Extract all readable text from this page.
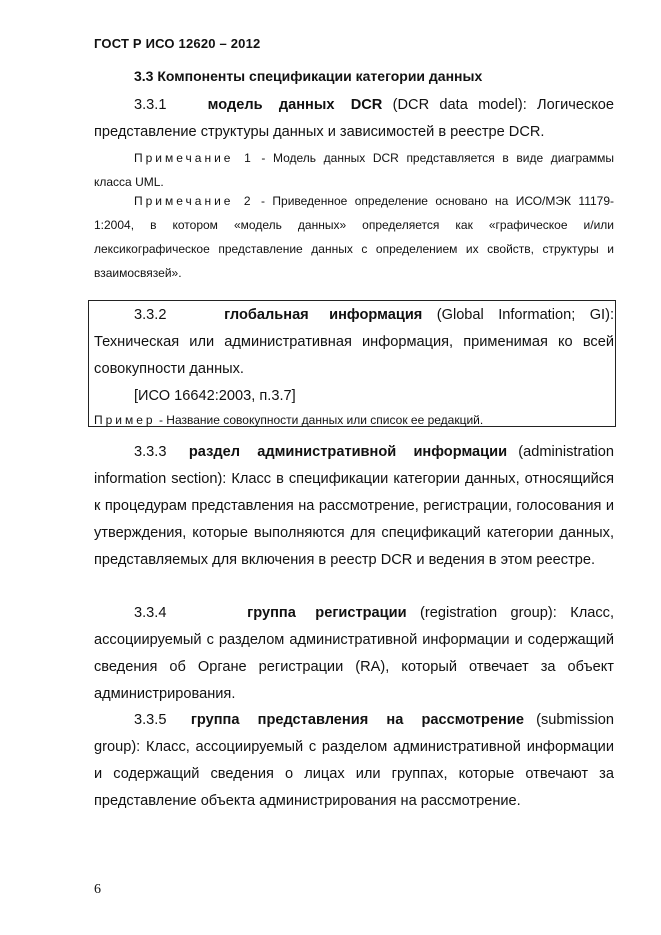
ГОСТ Р ИСО 12620 – 2012
3.3 Компоненты спецификации категории данных

3.3.1	модель данных DCR (DCR data model): Логическое представление структуры данных и зависимостей в реестре DCR.

Примечание 1 - Модель данных DCR представляется в виде диаграммы класса UML.

Примечание 2 - Приведенное определение основано на ИСО/МЭК 11179-1:2004, в котором «модель данных» определяется как «графическое и/или лексикографическое представление данных с определением их свойств, структуры и взаимосвязей».

3.3.2	глобальная информация (Global Information; GI): Техническая или административная информация, применимая ко всей совокупности данных.

[ИСО 16642:2003, п.3.7]
Пример - Название совокупности данных или список ее редакций.

3.3.3 раздел административной информации (administration information section): Класс в спецификации категории данных, относящийся к процедурам представления на рассмотрение, регистрации, голосования и утверждения, которые выполняются для спецификаций категории данных, представляемых для включения в реестр DCR и ведения в этом реестре.

3.3.4	группа регистрации (registration group): Класс, ассоциируемый с разделом административной информации и содержащий сведения об Органе регистрации (RA), который отвечает за объект администрирования.

3.3.5 группа представления на рассмотрение (submission group): Класс, ассоциируемый с разделом административной информации и содержащий сведения о лицах или группах, которые отвечают за представление объекта администрирования на рассмотрение.

6
